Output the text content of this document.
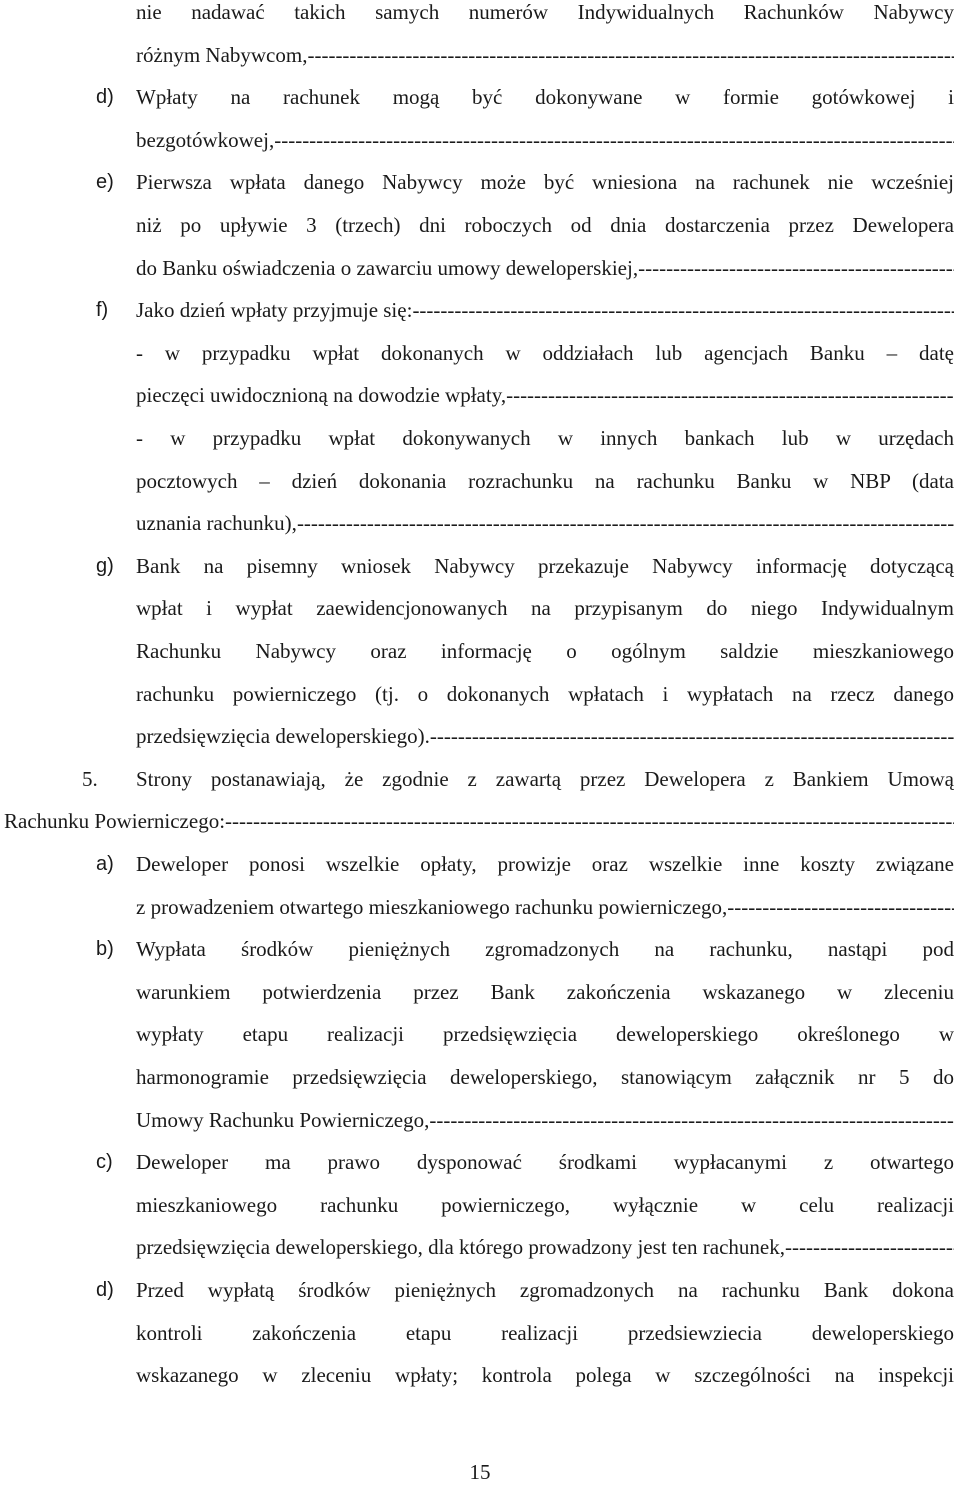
nie nadawać takich samych numerów Indywidualnych Rachunków Nabywcy
różnym Nabywcom, -----
d) Wpłaty na rachunek mogą być dokonywane w formie gotówkowej i
bezgotówkowej, -----
e) Pierwsza wpłata danego Nabywcy może być wniesiona na rachunek nie wcześniej
niż po upływie 3 (trzech) dni roboczych od dnia dostarczenia przez Dewelopera
do Banku oświadczenia o zawarciu umowy deweloperskiej, -----
f) Jako dzień wpłaty przyjmuje się: -----
- w przypadku wpłat dokonanych w oddziałach lub agencjach Banku – datę
pieczęci uwidocznioną na dowodzie wpłaty, -----
- w przypadku wpłat dokonywanych w innych bankach lub w urzędach
pocztowych – dzień dokonania rozrachunku na rachunku Banku w NBP (data
uznania rachunku), -----
g) Bank na pisemny wniosek Nabywcy przekazuje Nabywcy informację dotyczącą
wpłat i wypłat zaewidencjonowanych na przypisanym do niego Indywidualnym
Rachunku Nabywcy oraz informację o ogólnym saldzie mieszkaniowego
rachunku powierniczego (tj. o dokonanych wpłatach i wypłatach na rzecz danego
przedsięwzięcia deweloperskiego). -----
5. Strony postanawiają, że zgodnie z zawartą przez Dewelopera z Bankiem Umową
Rachunku Powierniczego: -----
a) Deweloper ponosi wszelkie opłaty, prowizje oraz wszelkie inne koszty związane
z prowadzeniem otwartego mieszkaniowego rachunku powierniczego, -----
b) Wypłata środków pieniężnych zgromadzonych na rachunku, nastąpi pod
warunkiem potwierdzenia przez Bank zakończenia wskazanego w zleceniu
wypłaty etapu realizacji przedsięwzięcia deweloperskiego określonego w
harmonogramie przedsięwzięcia deweloperskiego, stanowiącym załącznik nr 5 do
Umowy Rachunku Powierniczego, -----
c) Deweloper ma prawo dysponować środkami wypłacanymi z otwartego
mieszkaniowego rachunku powierniczego, wyłącznie w celu realizacji
przedsięwzięcia deweloperskiego, dla którego prowadzony jest ten rachunek, -----
d) Przed wypłatą środków pieniężnych zgromadzonych na rachunku Bank dokona
kontroli zakończenia etapu realizacji przedsiewziecia deweloperskiego
wskazanego w zleceniu wpłaty; kontrola polega w szczególności na inspekcji
15
